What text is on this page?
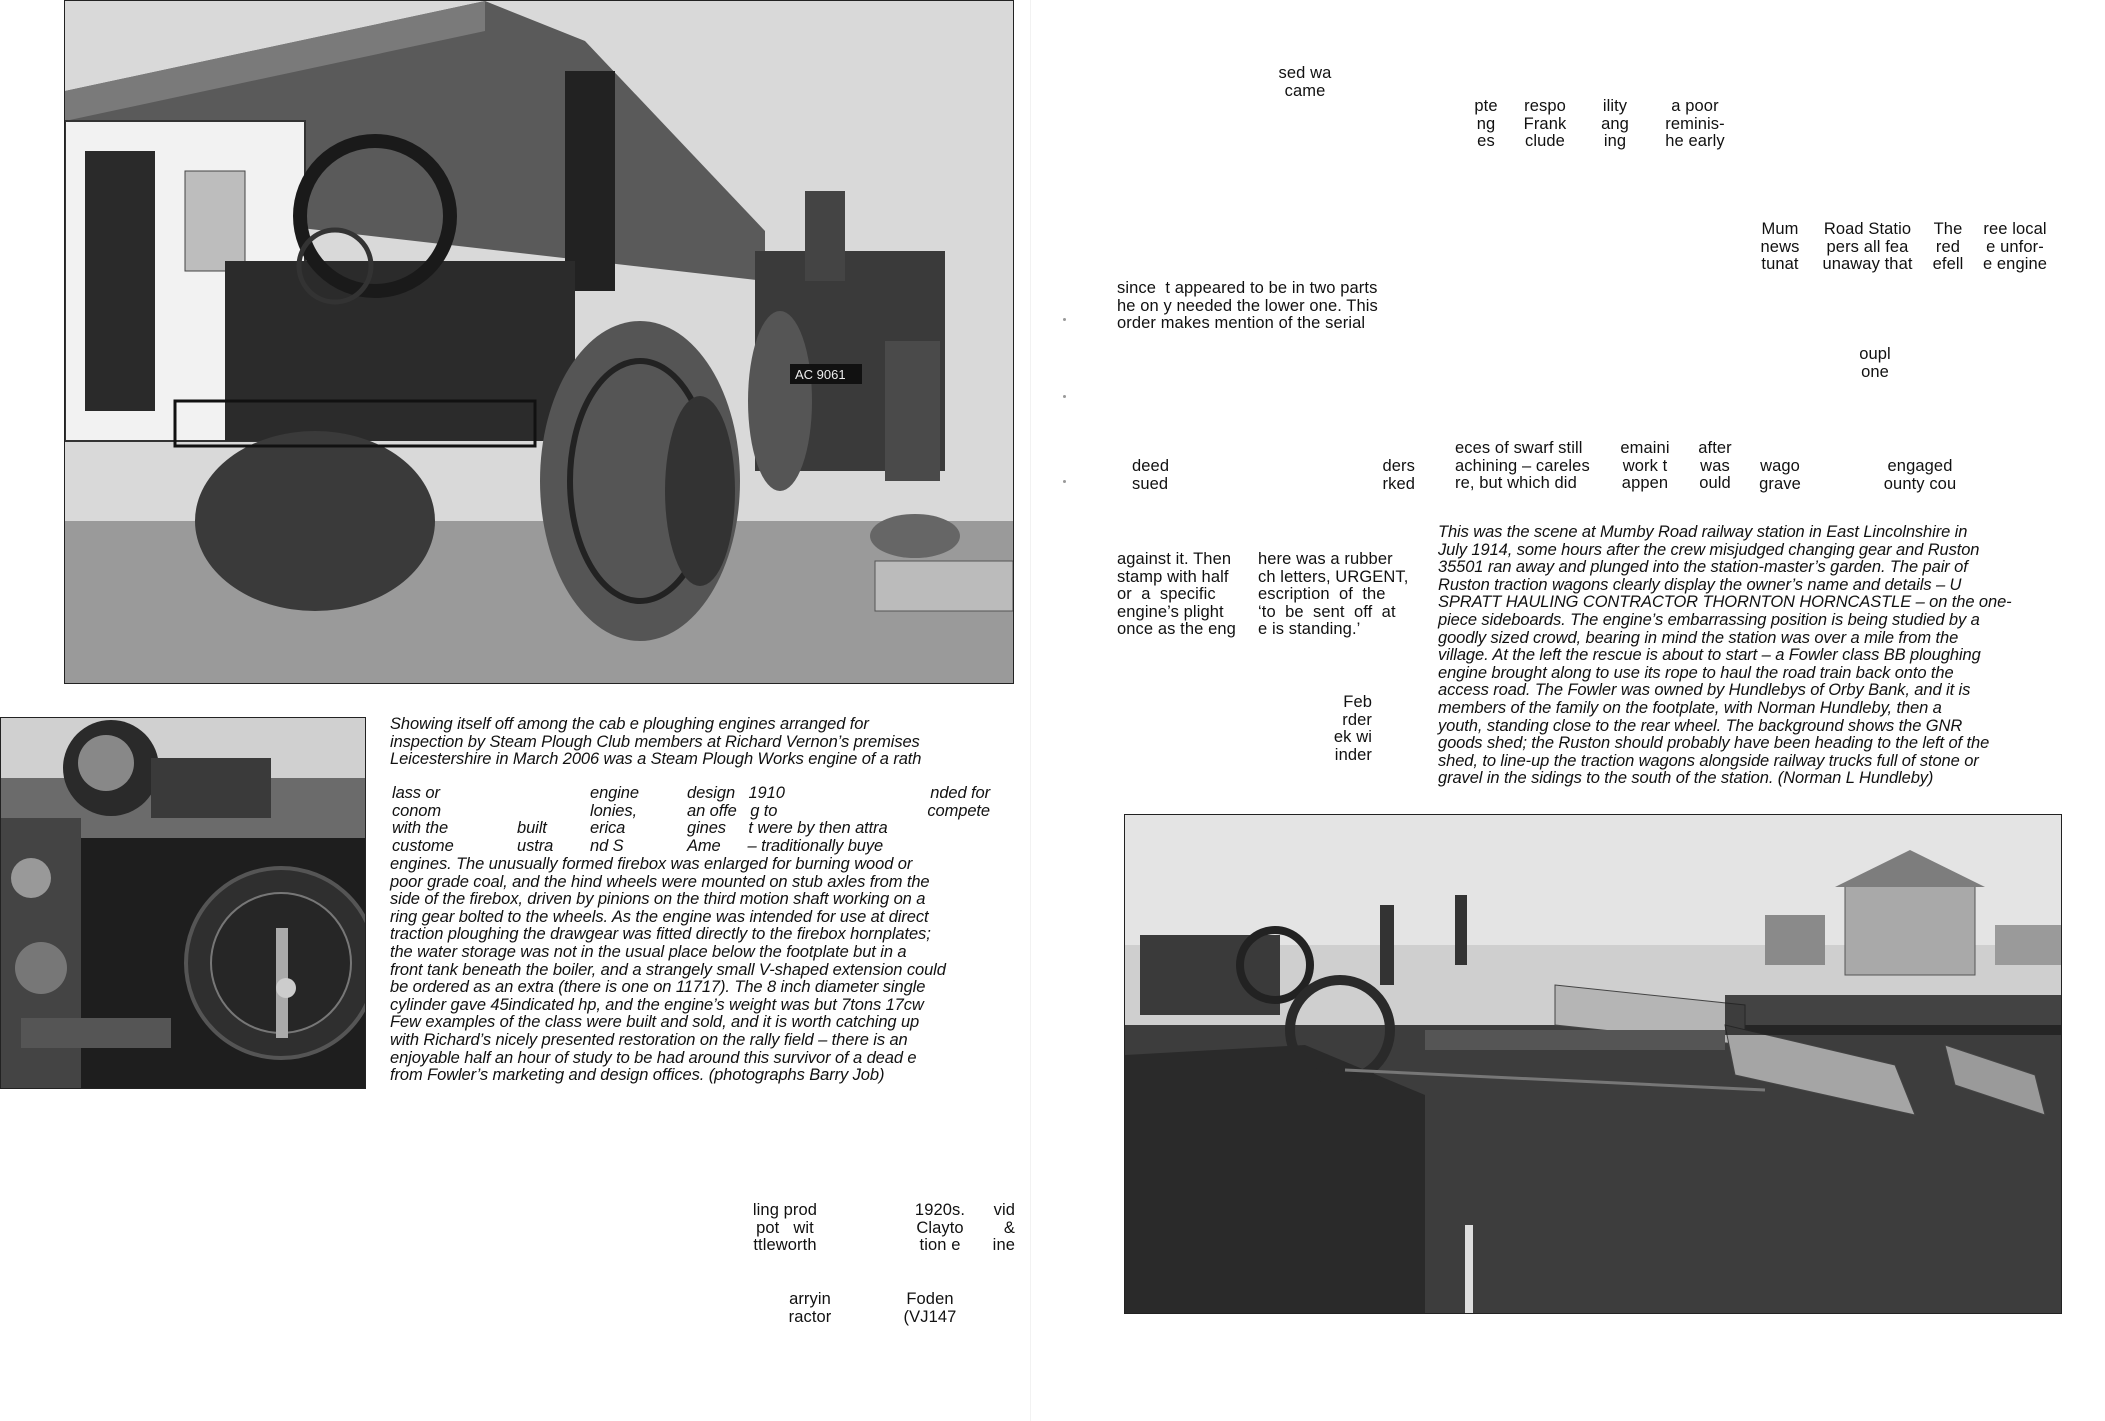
AC 9061

Showing itself off among the cab e ploughing engines arranged for
inspection by Steam Plough Club members at Richard Vernon’s premises
Leicestershire in March 2006 was a Steam Plough Works engine of a rath

lass or
conom
with the
custome

built
ustra

engine
lonies,
erica
nd S

design   1910
an offe   g to
gines     t were by then attra
Ame      – traditionally buye

nded for
compete

engines. The unusually formed firebox was enlarged for burning wood or
poor grade coal, and the hind wheels were mounted on stub axles from the
side of the firebox, driven by pinions on the third motion shaft working on a
ring gear bolted to the wheels. As the engine was intended for use at direct
traction ploughing the drawgear was fitted directly to the firebox hornplates;
the water storage was not in the usual place below the footplate but in a
front tank beneath the boiler, and a strangely small V-shaped extension could
be ordered as an extra (there is one on 11717). The 8 inch diameter single
cylinder gave 45indicated hp, and the engine’s weight was but 7tons 17cw
Few examples of the class were built and sold, and it is worth catching up
with Richard’s nicely presented restoration on the rally field – there is an
enjoyable half an hour of study to be had around this survivor of a dead e
from Fowler’s marketing and design offices. (photographs Barry Job)

ling prod
pot   wit
ttleworth

1920s.
Clayto
tion e

vid
&
ine

arryin
ractor

Foden
(VJ147

sed wa
came

pte
ng
es

respo
Frank
clude

ility
ang
ing

a poor
reminis-
he early

since  t appeared to be in two parts
he on y needed the lower one. This
order makes mention of the serial

Mum
news
tunat

Road Statio
pers all fea
unaway that

The
red
efell

ree local
e unfor-
e engine

oupl
one

deed
sued

ders
rked

eces of swarf still
achining – careles
re, but which did

emaini
work t
appen

after
was
ould

wago
grave

engaged
ounty cou

against it. Then
stamp with half
or  a  specific
engine’s plight
once as the eng

here was a rubber
ch letters, URGENT,
escription  of  the
‘to  be  sent  off  at
e is standing.’

Feb
rder
ek wi
inder

This was the scene at Mumby Road railway station in East Lincolnshire in
July 1914, some hours after the crew misjudged changing gear and Ruston
35501 ran away and plunged into the station-master’s garden. The pair of
Ruston traction wagons clearly display the owner’s name and details – U
SPRATT HAULING CONTRACTOR THORNTON HORNCASTLE – on the one-
piece sideboards. The engine’s embarrassing position is being studied by a
goodly sized crowd, bearing in mind the station was over a mile from the
village. At the left the rescue is about to start – a Fowler class BB ploughing
engine brought along to use its rope to haul the road train back onto the
access road. The Fowler was owned by Hundlebys of Orby Bank, and it is
members of the family on the footplate, with Norman Hundleby, then a
youth, standing close to the rear wheel. The background shows the GNR
goods shed; the Ruston should probably have been heading to the left of the
shed, to line-up the traction wagons alongside railway trucks full of stone or
gravel in the sidings to the south of the station. (Norman L Hundleby)
